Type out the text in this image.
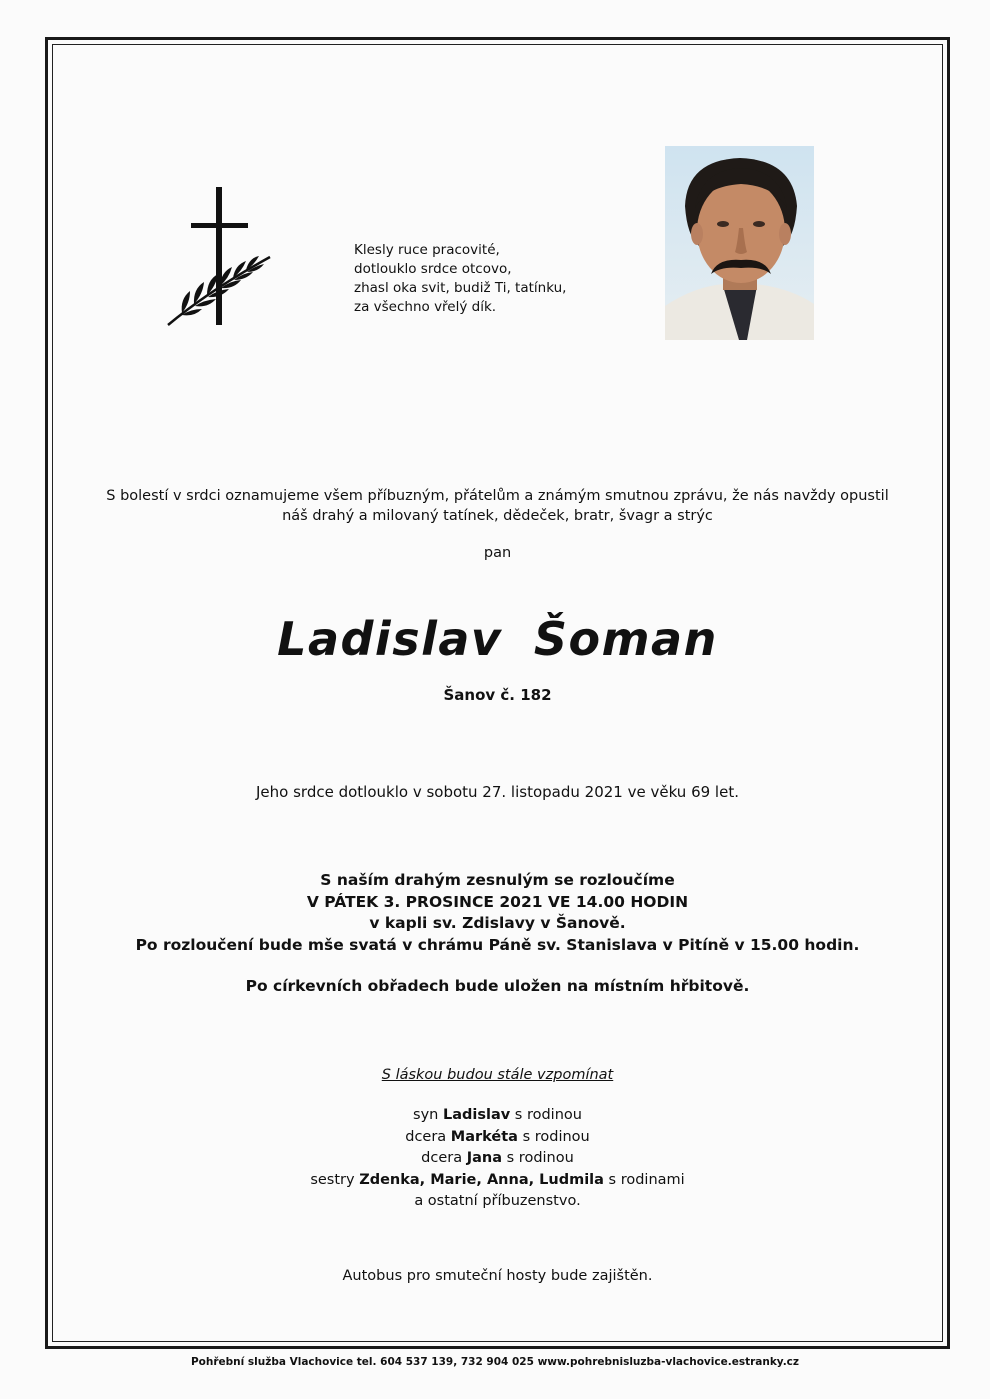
Klesly ruce pracovité,
dotlouklo srdce otcovo,
zhasl oka svit, budiž Ti, tatínku,
za všechno vřelý dík.
S bolestí v srdci oznamujeme všem příbuzným, přátelům a známým smutnou zprávu, že nás navždy opustil
náš drahý a milovaný tatínek, dědeček, bratr, švagr a strýc
pan
Ladislav Šoman
Šanov č. 182
Jeho srdce dotlouklo v sobotu 27. listopadu 2021 ve věku 69 let.
S naším drahým zesnulým se rozloučíme
V PÁTEK 3. PROSINCE 2021 VE 14.00 HODIN
v kapli sv. Zdislavy v Šanově.
Po rozloučení bude mše svatá v chrámu Páně sv. Stanislava v Pitíně v 15.00 hodin.
Po církevních obřadech bude uložen na místním hřbitově.
S láskou budou stále vzpomínat
syn Ladislav s rodinou
dcera Markéta s rodinou
dcera Jana s rodinou
sestry Zdenka, Marie, Anna, Ludmila s rodinami
a ostatní příbuzenstvo.
Autobus pro smuteční hosty bude zajištěn.
Pohřební služba Vlachovice tel. 604 537 139, 732 904 025 www.pohrebnisluzba-vlachovice.estranky.cz
